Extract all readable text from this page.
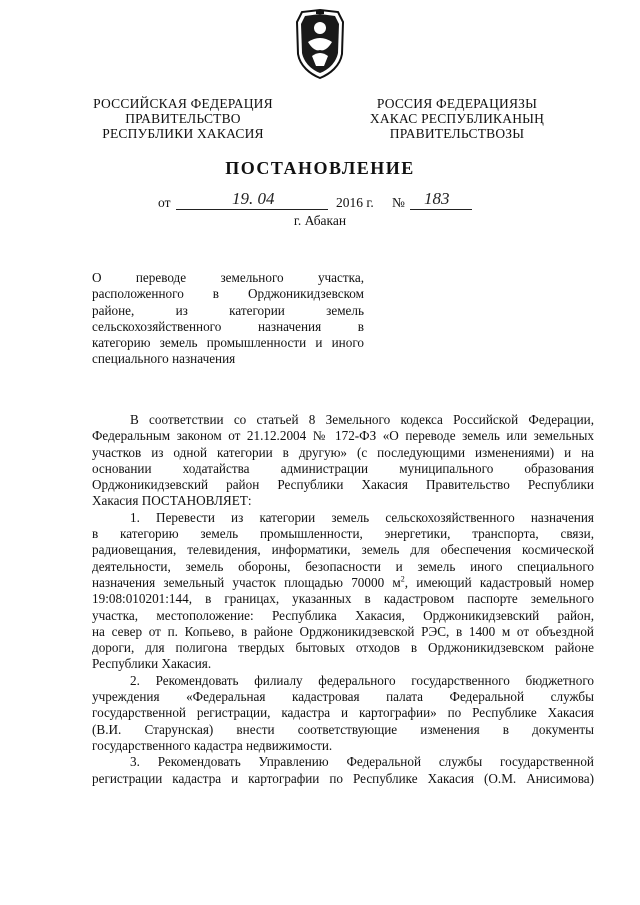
РОССИЙСКАЯ ФЕДЕРАЦИЯ
ПРАВИТЕЛЬСТВО
РЕСПУБЛИКИ ХАКАСИЯ
РОССИЯ ФЕДЕРАЦИЯЗЫ
ХАКАС РЕСПУБЛИКАНЫҢ
ПРАВИТЕЛЬСТВОЗЫ
ПОСТАНОВЛЕНИЕ
от	19. 04	2016 г. № 183
г. Абакан
О переводе земельного участка,
расположенного в Орджоникидзевском
районе, из категории земель
сельскохозяйственного назначения в
категорию земель промышленности и иного
специального назначения
В соответствии со статьей 8 Земельного кодекса Российской Федерации,
Федеральным законом от 21.12.2004 № 172-ФЗ «О переводе земель или земельных
участков из одной категории в другую» (с последующими изменениями) и на
основании ходатайства администрации муниципального образования
Орджоникидзевский район Республики Хакасия Правительство Республики
Хакасия ПОСТАНОВЛЯЕТ:
1. Перевести из категории земель сельскохозяйственного назначения
в категорию земель промышленности, энергетики, транспорта, связи,
радиовещания, телевидения, информатики, земель для обеспечения космической
деятельности, земель обороны, безопасности и земель иного специального
назначения земельный участок площадью 70000 $м^2$, имеющий кадастровый номер
19:08:010201:144, в границах, указанных в кадастровом паспорте земельного
участка, местоположение: Республика Хакасия, Орджоникидзевский район,
на север от п. Копьево, в районе Орджоникидзевской РЭС, в 1400 м от объездной
дороги, для полигона твердых бытовых отходов в Орджоникидзевском районе
Республики Хакасия.
2. Рекомендовать филиалу федерального государственного бюджетного
учреждения «Федеральная кадастровая палата Федеральной службы
государственной регистрации, кадастра и картографии» по Республике Хакасия
(В.И. Старунская) внести соответствующие изменения в документы
государственного кадастра недвижимости.
3. Рекомендовать Управлению Федеральной службы государственной
регистрации кадастра и картографии по Республике Хакасия (О.М. Анисимова)
